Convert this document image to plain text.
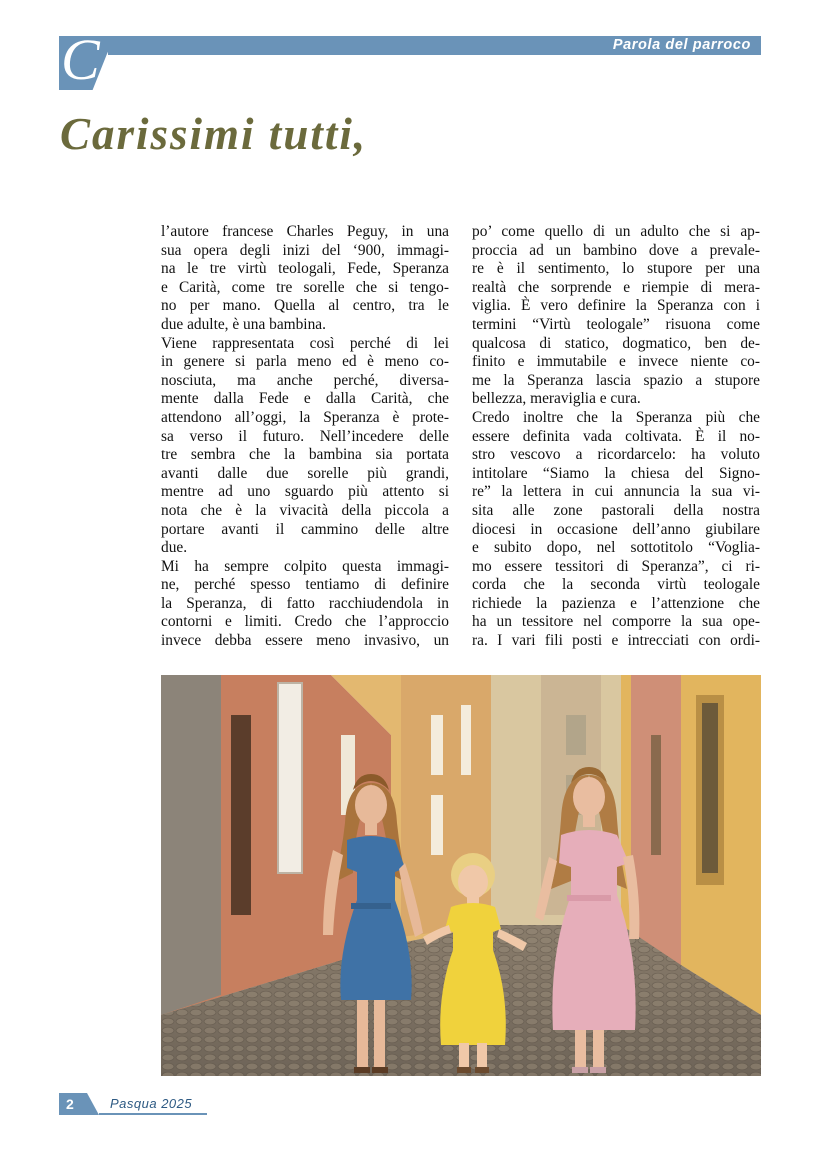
Parola del parroco
C
Carissimi tutti,

l’autore francese Charles Peguy, in una
sua opera degli inizi del ‘900, immagi-
na le tre virtù teologali, Fede, Speranza
e Carità, come tre sorelle che si tengo-
no per mano. Quella al centro, tra le
due adulte, è una bambina.

Viene rappresentata così perché di lei
in genere si parla meno ed è meno co-
nosciuta, ma anche perché, diversa-
mente dalla Fede e dalla Carità, che
attendono all’oggi, la Speranza è prote-
sa verso il futuro. Nell’incedere delle
tre sembra che la bambina sia portata
avanti dalle due sorelle più grandi,
mentre ad uno sguardo più attento si
nota che è la vivacità della piccola a
portare avanti il cammino delle altre
due.

Mi ha sempre colpito questa immagi-
ne, perché spesso tentiamo di definire
la Speranza, di fatto racchiudendola in
contorni e limiti. Credo che l’approccio
invece debba essere meno invasivo, un

po’ come quello di un adulto che si ap-
proccia ad un bambino dove a prevale-
re è il sentimento, lo stupore per una
realtà che sorprende e riempie di mera-
viglia. È vero definire la Speranza con i
termini “Virtù teologale” risuona come
qualcosa di statico, dogmatico, ben de-
finito e immutabile e invece niente co-
me la Speranza lascia spazio a stupore
bellezza, meraviglia e cura.

Credo inoltre che la Speranza più che
essere definita vada coltivata. È il no-
stro vescovo a ricordarcelo: ha voluto
intitolare “Siamo la chiesa del Signo-
re” la lettera in cui annuncia la sua vi-
sita alle zone pastorali della nostra
diocesi in occasione dell’anno giubilare
e subito dopo, nel sottotitolo “Voglia-
mo essere tessitori di Speranza”, ci ri-
corda che la seconda virtù teologale
richiede la pazienza e l’attenzione che
ha un tessitore nel comporre la sua ope-
ra. I vari fili posti e intrecciati con ordi-

2	Pasqua 2025
